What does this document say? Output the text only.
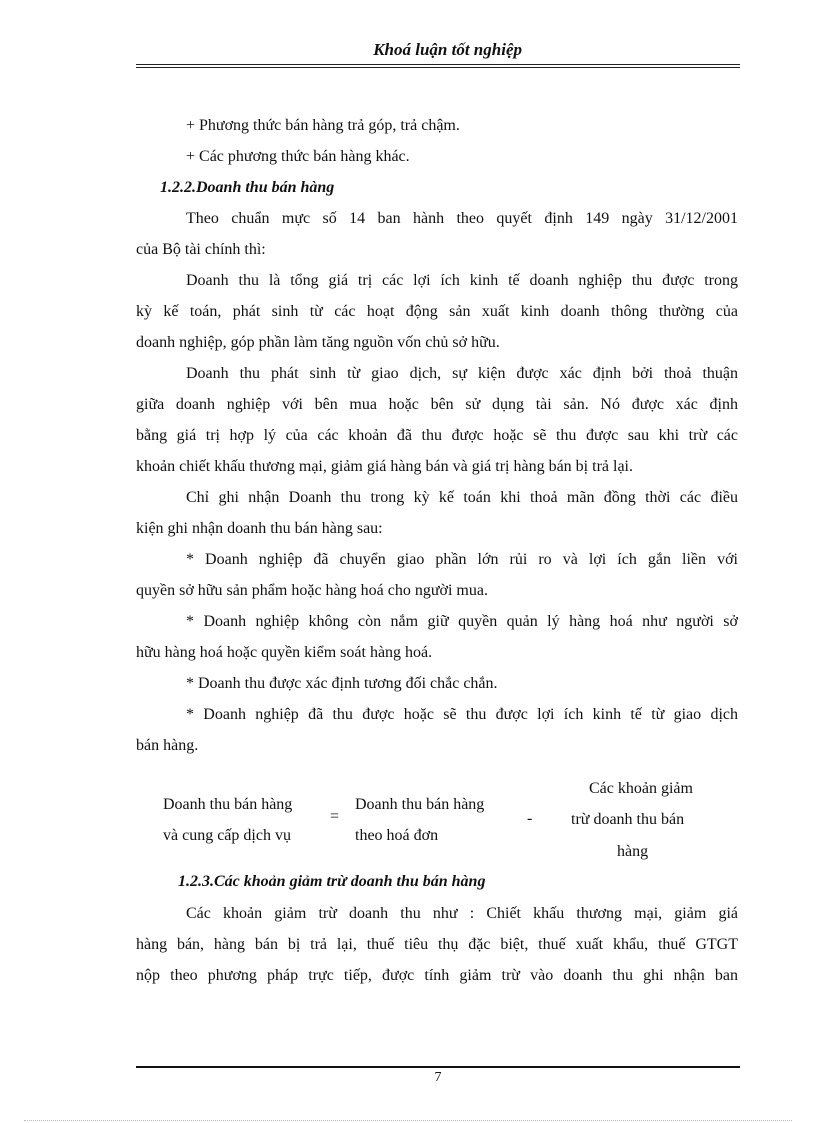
Khoá luận tốt nghiệp
+ Phương thức bán hàng trả góp, trả chậm.
+ Các phương thức bán hàng khác.
1.2.2.Doanh thu bán hàng
Theo chuẩn mực số 14 ban hành theo quyết định 149 ngày 31/12/2001
của Bộ tài chính thì:
Doanh thu là tổng giá trị các lợi ích kinh tế doanh nghiệp thu được trong
kỳ kế toán, phát sinh từ các hoạt động sản xuất kinh doanh thông thường của
doanh nghiệp, góp phần làm tăng nguồn vốn chủ sở hữu.
Doanh thu phát sinh từ giao dịch, sự kiện được xác định bởi thoả thuận
giữa doanh nghiệp với bên mua hoặc bên sử dụng tài sản. Nó được xác định
bằng giá trị hợp lý của các khoản đã thu được hoặc sẽ thu được sau khi trừ các
khoản chiết khấu thương mại, giảm giá hàng bán và giá trị hàng bán bị trả lại.
Chỉ ghi nhận Doanh thu trong kỳ kế toán khi thoả mãn đồng thời các điều
kiện ghi nhận doanh thu bán hàng sau:
* Doanh nghiệp đã chuyển giao phần lớn rủi ro và lợi ích gắn liền với
quyền sở hữu sản phẩm hoặc hàng hoá cho người mua.
* Doanh nghiệp không còn nắm giữ quyền quản lý hàng hoá như người sở
hữu hàng hoá hoặc quyền kiểm soát hàng hoá.
* Doanh thu được xác định tương đối chắc chắn.
* Doanh nghiệp đã thu được hoặc sẽ thu được lợi ích kinh tế từ giao dịch
bán hàng.
Doanh thu bán hàng
và cung cấp dịch vụ
=
Doanh thu bán hàng
theo hoá đơn
-
Các khoản giảm
trừ doanh thu bán
hàng
1.2.3.Các khoản giảm trừ doanh thu bán hàng
Các khoản giảm trừ doanh thu như : Chiết khấu thương mại, giảm giá
hàng bán, hàng bán bị trả lại, thuế tiêu thụ đặc biệt, thuế xuất khẩu, thuế GTGT
nộp theo phương pháp trực tiếp, được tính giảm trừ vào doanh thu ghi nhận ban
7
